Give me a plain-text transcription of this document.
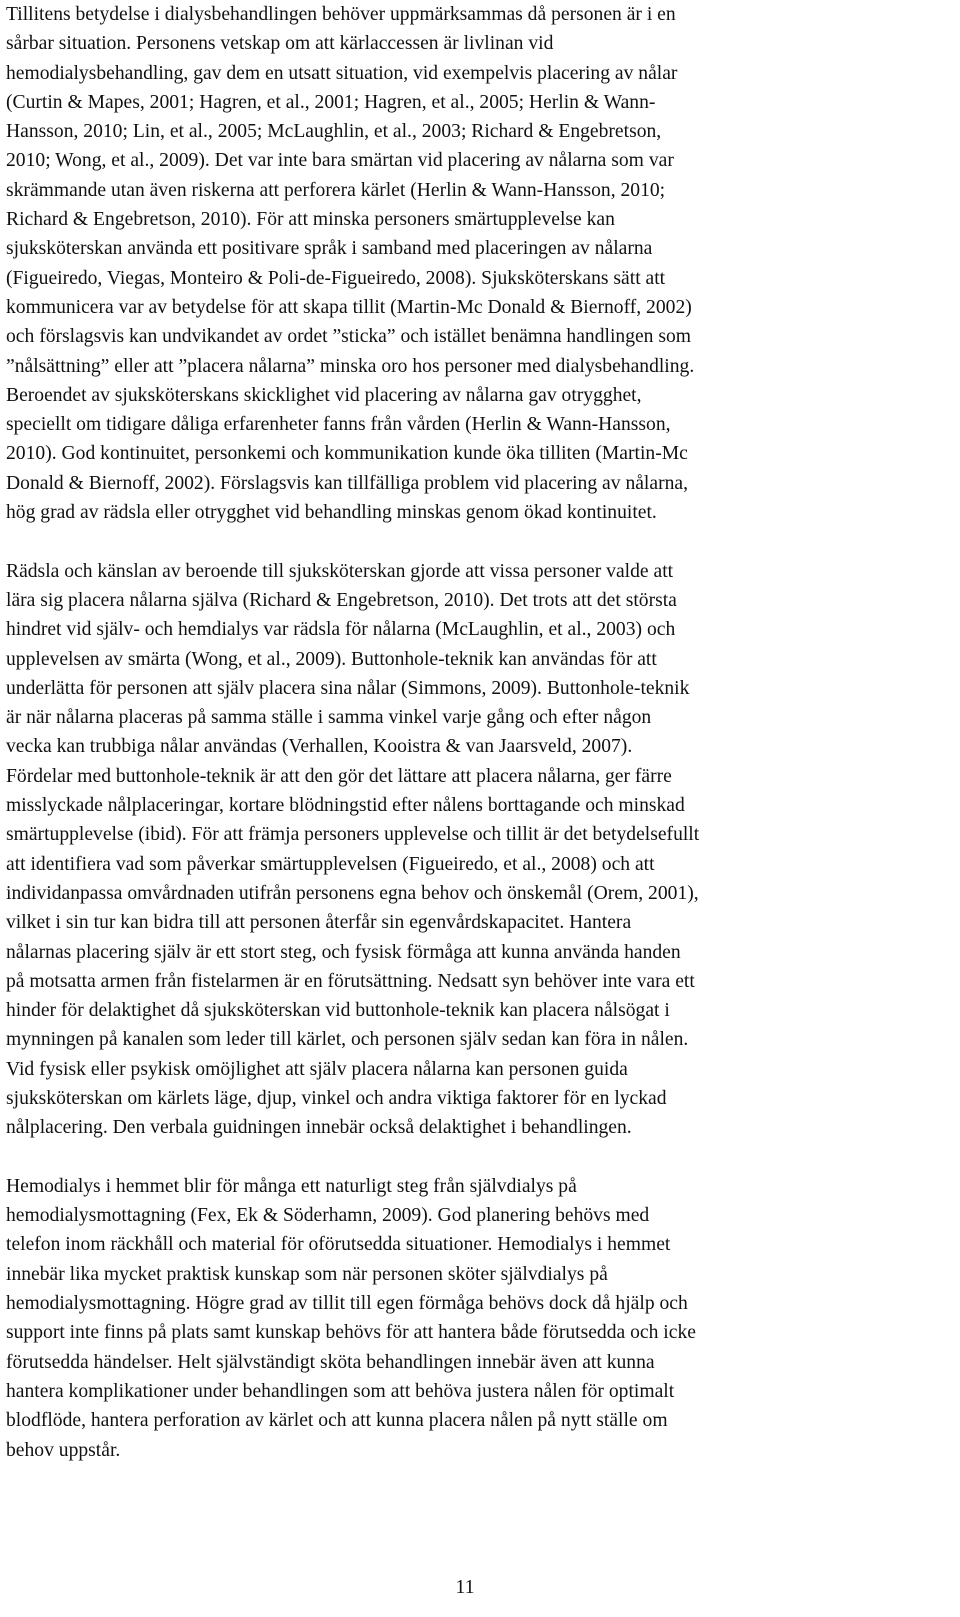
Tillitens betydelse i dialysbehandlingen behöver uppmärksammas då personen är i en
sårbar situation. Personens vetskap om att kärlaccessen är livlinan vid
hemodialysbehandling, gav dem en utsatt situation, vid exempelvis placering av nålar
(Curtin & Mapes, 2001; Hagren, et al., 2001; Hagren, et al., 2005; Herlin & Wann-
Hansson, 2010; Lin, et al., 2005; McLaughlin, et al., 2003; Richard & Engebretson,
2010; Wong, et al., 2009). Det var inte bara smärtan vid placering av nålarna som var
skrämmande utan även riskerna att perforera kärlet (Herlin & Wann-Hansson, 2010;
Richard & Engebretson, 2010). För att minska personers smärtupplevelse kan
sjuksköterskan använda ett positivare språk i samband med placeringen av nålarna
(Figueiredo, Viegas, Monteiro & Poli-de-Figueiredo, 2008). Sjuksköterskans sätt att
kommunicera var av betydelse för att skapa tillit (Martin-Mc Donald & Biernoff, 2002)
och förslagsvis kan undvikandet av ordet ”sticka” och istället benämna handlingen som
”nålsättning” eller att ”placera nålarna” minska oro hos personer med dialysbehandling.
Beroendet av sjuksköterskans skicklighet vid placering av nålarna gav otrygghet,
speciellt om tidigare dåliga erfarenheter fanns från vården (Herlin & Wann-Hansson,
2010). God kontinuitet, personkemi och kommunikation kunde öka tilliten (Martin-Mc
Donald & Biernoff, 2002). Förslagsvis kan tillfälliga problem vid placering av nålarna,
hög grad av rädsla eller otrygghet vid behandling minskas genom ökad kontinuitet.

Rädsla och känslan av beroende till sjuksköterskan gjorde att vissa personer valde att
lära sig placera nålarna själva (Richard & Engebretson, 2010). Det trots att det största
hindret vid själv- och hemdialys var rädsla för nålarna (McLaughlin, et al., 2003) och
upplevelsen av smärta (Wong, et al., 2009). Buttonhole-teknik kan användas för att
underlätta för personen att själv placera sina nålar (Simmons, 2009). Buttonhole-teknik
är när nålarna placeras på samma ställe i samma vinkel varje gång och efter någon
vecka kan trubbiga nålar användas (Verhallen, Kooistra & van Jaarsveld, 2007).
Fördelar med buttonhole-teknik är att den gör det lättare att placera nålarna, ger färre
misslyckade nålplaceringar, kortare blödningstid efter nålens borttagande och minskad
smärtupplevelse (ibid). För att främja personers upplevelse och tillit är det betydelsefullt
att identifiera vad som påverkar smärtupplevelsen (Figueiredo, et al., 2008) och att
individanpassa omvårdnaden utifrån personens egna behov och önskemål (Orem, 2001),
vilket i sin tur kan bidra till att personen återfår sin egenvårdskapacitet. Hantera
nålarnas placering själv är ett stort steg, och fysisk förmåga att kunna använda handen
på motsatta armen från fistelarmen är en förutsättning. Nedsatt syn behöver inte vara ett
hinder för delaktighet då sjuksköterskan vid buttonhole-teknik kan placera nålsögat i
mynningen på kanalen som leder till kärlet, och personen själv sedan kan föra in nålen.
Vid fysisk eller psykisk omöjlighet att själv placera nålarna kan personen guida
sjuksköterskan om kärlets läge, djup, vinkel och andra viktiga faktorer för en lyckad
nålplacering. Den verbala guidningen innebär också delaktighet i behandlingen.

Hemodialys i hemmet blir för många ett naturligt steg från självdialys på
hemodialysmottagning (Fex, Ek & Söderhamn, 2009). God planering behövs med
telefon inom räckhåll och material för oförutsedda situationer. Hemodialys i hemmet
innebär lika mycket praktisk kunskap som när personen sköter självdialys på
hemodialysmottagning. Högre grad av tillit till egen förmåga behövs dock då hjälp och
support inte finns på plats samt kunskap behövs för att hantera både förutsedda och icke
förutsedda händelser. Helt självständigt sköta behandlingen innebär även att kunna
hantera komplikationer under behandlingen som att behöva justera nålen för optimalt
blodflöde, hantera perforation av kärlet och att kunna placera nålen på nytt ställe om
behov uppstår.

11
